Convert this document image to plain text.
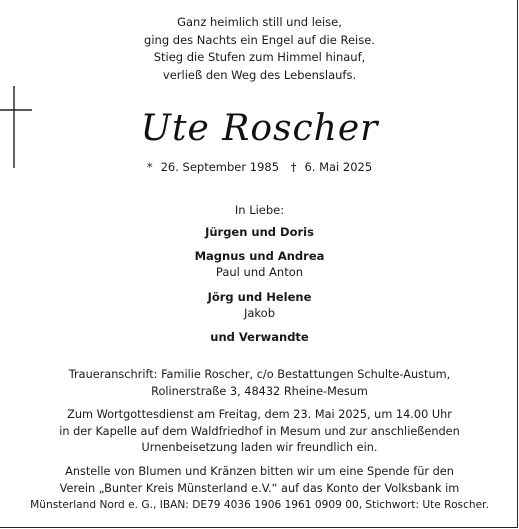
Ganz heimlich still und leise,
ging des Nachts ein Engel auf die Reise.
Stieg die Stufen zum Himmel hinauf,
verließ den Weg des Lebenslaufs.
Ute Roscher
* 26. September 1985 † 6. Mai 2025
In Liebe:
Jürgen und Doris
Magnus und Andrea
Paul und Anton
Jörg und Helene
Jakob
und Verwandte
Traueranschrift: Familie Roscher, c/o Bestattungen Schulte-Austum,
Rolinerstraße 3, 48432 Rheine-Mesum
Zum Wortgottesdienst am Freitag, dem 23. Mai 2025, um 14.00 Uhr
in der Kapelle auf dem Waldfriedhof in Mesum und zur anschließenden
Urnenbeisetzung laden wir freundlich ein.
Anstelle von Blumen und Kränzen bitten wir um eine Spende für den
Verein „Bunter Kreis Münsterland e.V.“ auf das Konto der Volksbank im
Münsterland Nord e. G., IBAN: DE79 4036 1906 1961 0909 00, Stichwort: Ute Roscher.
